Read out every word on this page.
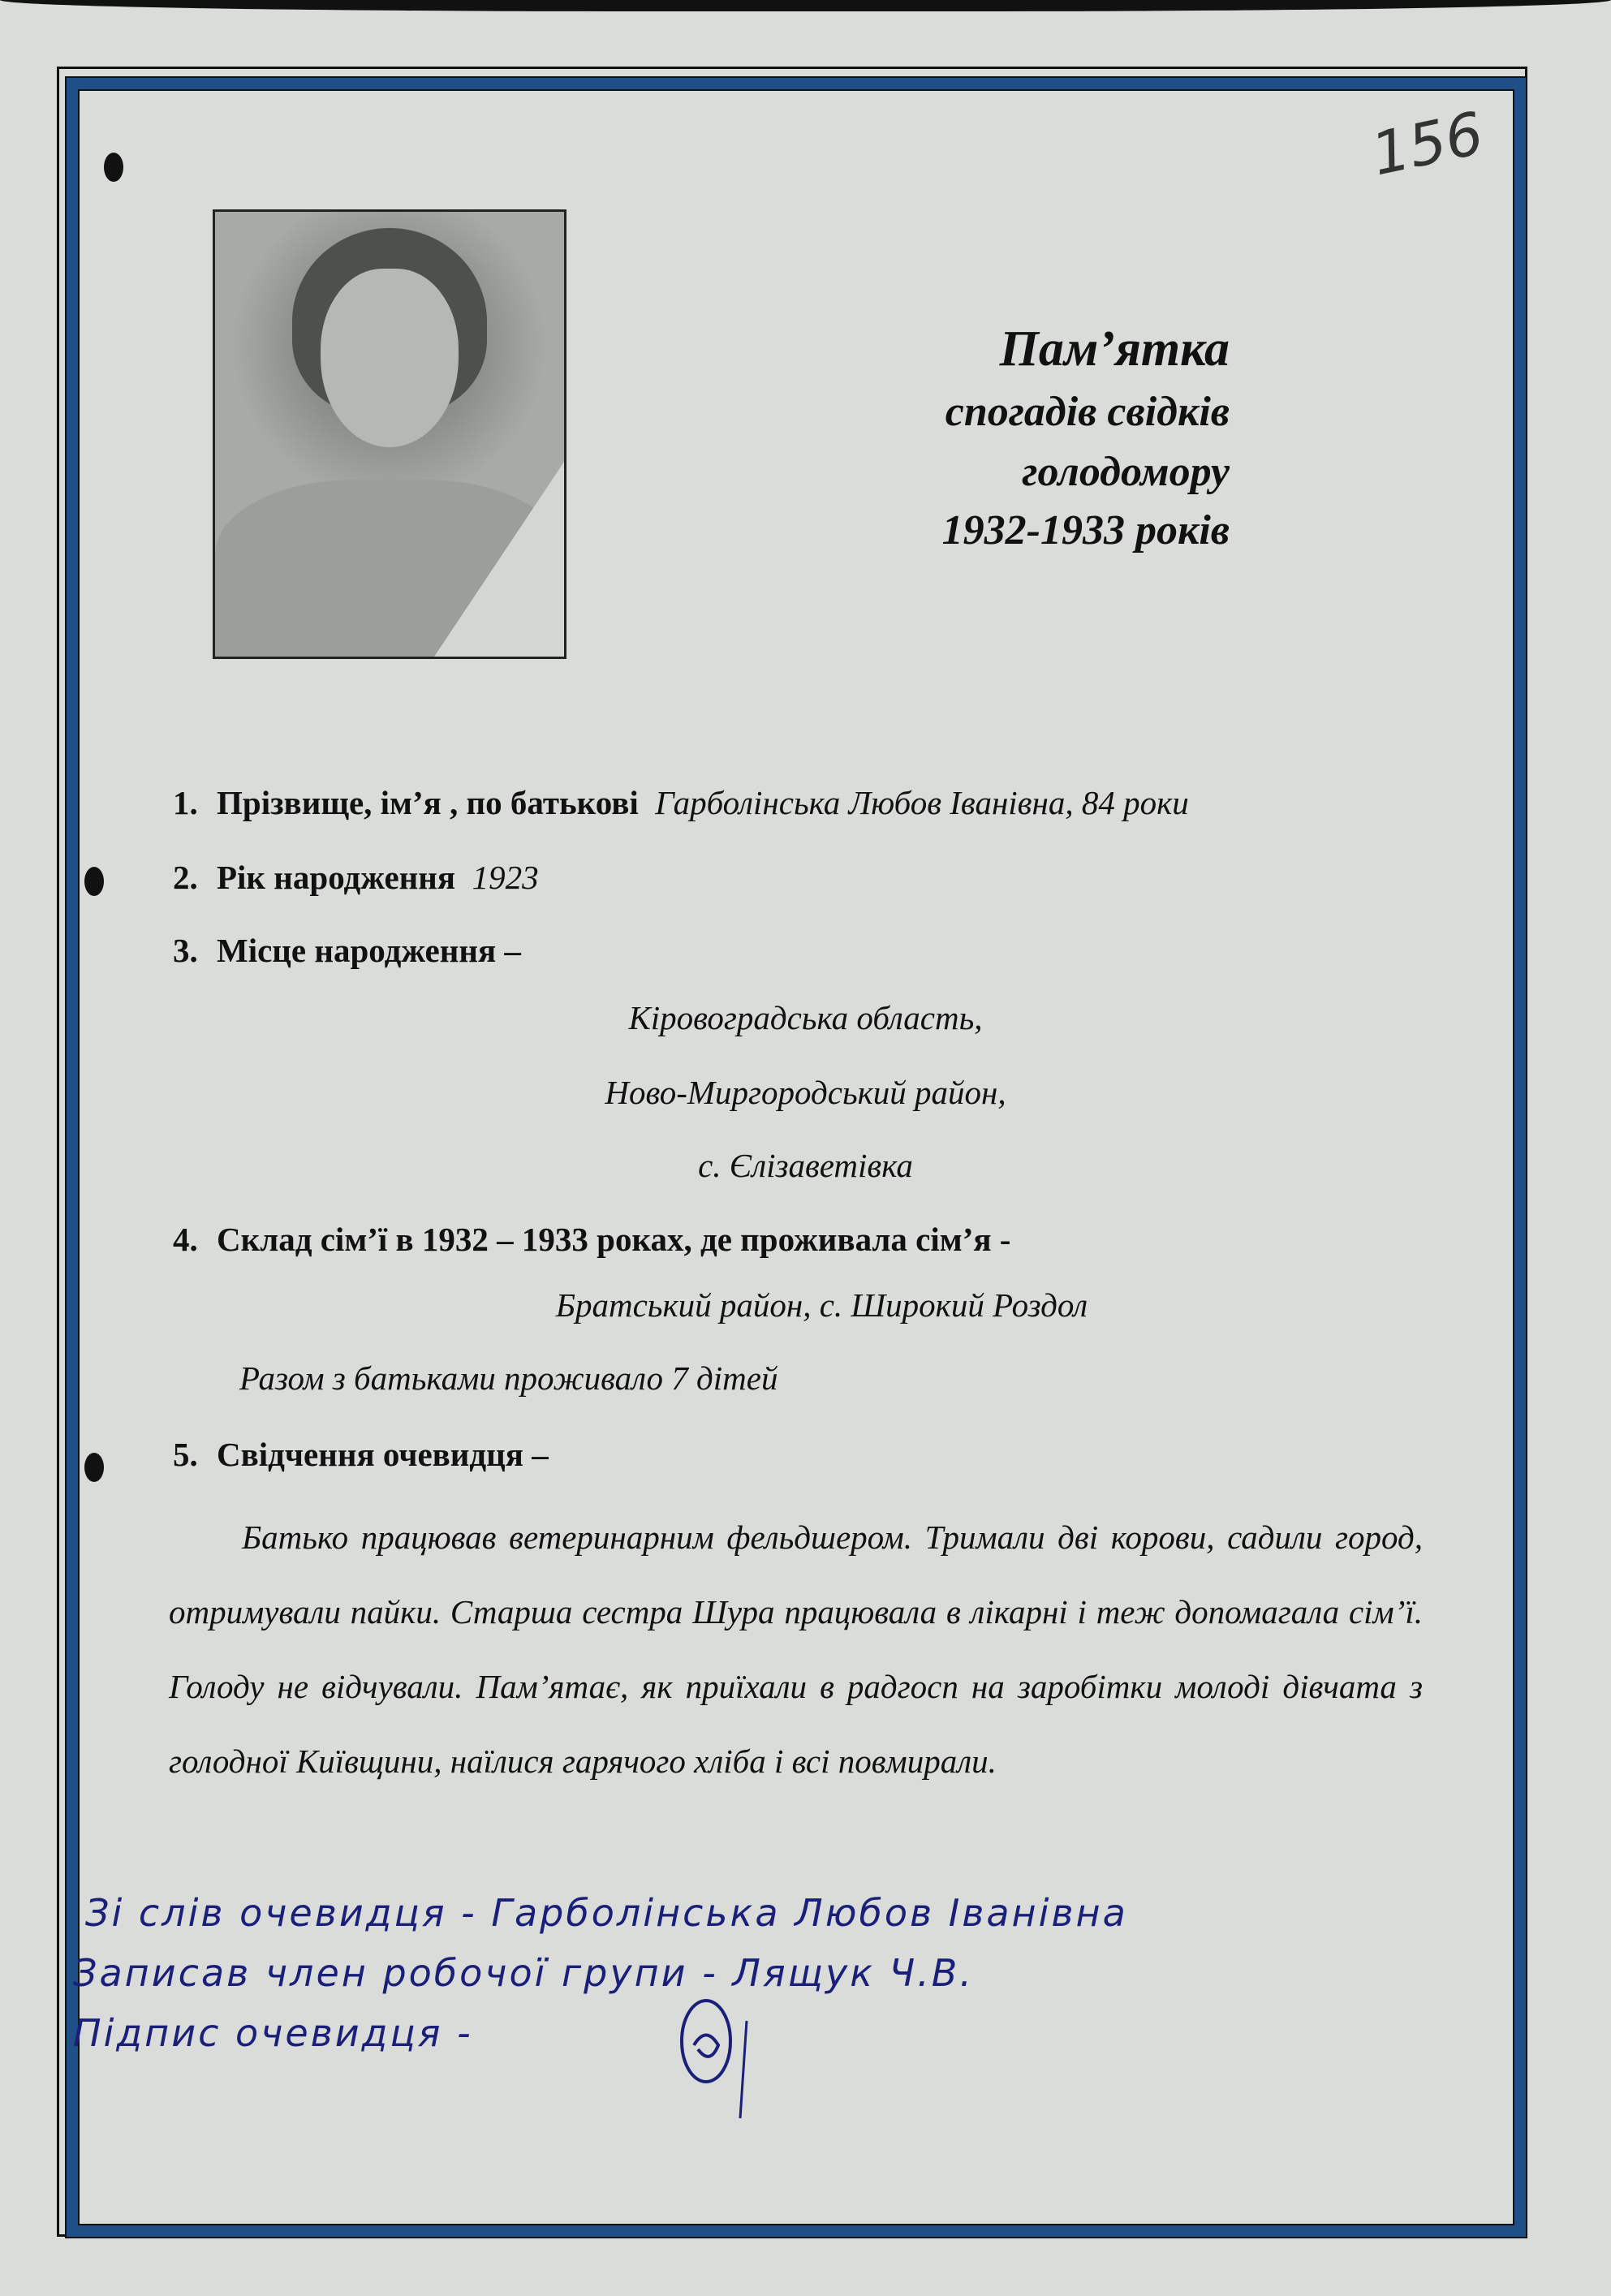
156
Пам’ятка
спогадів свідків
голодомору
1932-1933 років
1. Прізвище, ім’я , по батькові Гарболінська Любов Іванівна, 84 роки
2. Рік народження 1923
3. Місце народження –
Кіровоградська область,
Ново-Миргородський район,
с. Єлізаветівка
4. Склад сім’ї в 1932 – 1933 роках, де проживала сім’я -
Братський район, с. Широкий Роздол
Разом з батьками проживало 7 дітей
5. Свідчення очевидця –
Батько працював ветеринарним фельдшером. Тримали дві корови, садили город, отримували пайки. Старша сестра Шура працювала в лікарні і теж допомагала сім’ї. Голоду не відчували. Пам’ятає, як приїхали в радгосп на заробітки молоді дівчата з голодної Київщини, наїлися гарячого хліба і всі повмирали.
Зі слів очевидця - Гарболінська Любов Іванівна
Записав член робочої групи - Лящук Ч.В.
Підпис очевидця -
